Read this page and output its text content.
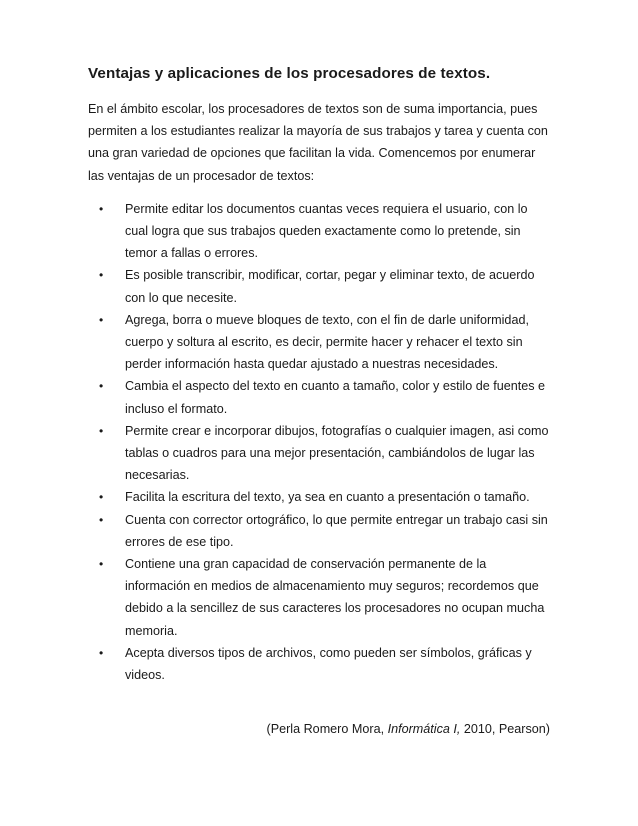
Ventajas y aplicaciones de los procesadores de textos.

En el ámbito escolar, los procesadores de textos son de suma importancia, pues permiten a los estudiantes realizar la mayoría de sus trabajos y tarea y cuenta con una gran variedad de opciones que facilitan la vida. Comencemos por enumerar las ventajas de un procesador de textos:

• Permite editar los documentos cuantas veces requiera el usuario, con lo cual logra que sus trabajos queden exactamente como lo pretende, sin temor a fallas o errores.
• Es posible transcribir, modificar, cortar, pegar y eliminar texto, de acuerdo con lo que necesite.
• Agrega, borra o mueve bloques de texto, con el fin de darle uniformidad, cuerpo y soltura al escrito, es decir, permite hacer y rehacer el texto sin perder información hasta quedar ajustado a nuestras necesidades.
• Cambia el aspecto del texto en cuanto a tamaño, color y estilo de fuentes e incluso el formato.
• Permite crear e incorporar dibujos, fotografías o cualquier imagen, asi como tablas o cuadros para una mejor presentación, cambiándolos de lugar las necesarias.
• Facilita la escritura del texto, ya sea en cuanto a presentación o tamaño.
• Cuenta con corrector ortográfico, lo que permite entregar un trabajo casi sin errores de ese tipo.
• Contiene una gran capacidad de conservación permanente de la información en medios de almacenamiento muy seguros; recordemos que debido a la sencillez de sus caracteres los procesadores no ocupan mucha memoria.
• Acepta diversos tipos de archivos, como pueden ser símbolos, gráficas y videos.

(Perla Romero Mora, Informática I, 2010, Pearson)
